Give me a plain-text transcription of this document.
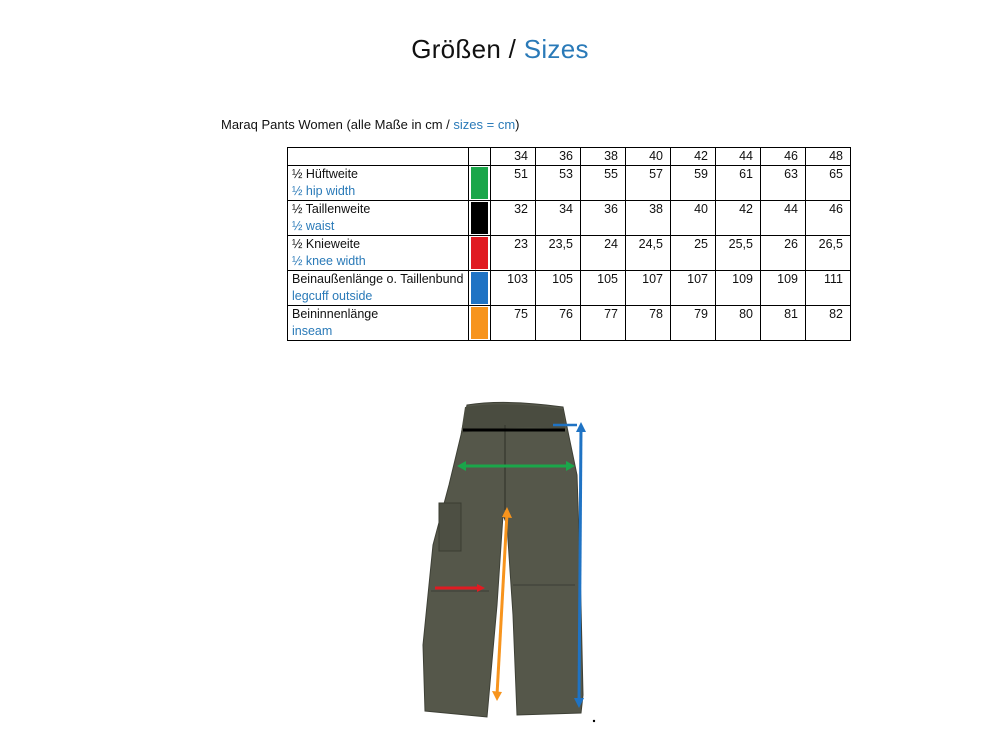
Größen / Sizes
Maraq Pants Women (alle Maße in cm / sizes = cm)
		34	36	38	40	42	44	46	48

½ Hüftweite
½ hip width		51	53	55	57	59	61	63	65

½ Taillenweite
½ waist		32	34	36	38	40	42	44	46

½ Knieweite
½ knee width		23	23,5	24	24,5	25	25,5	26	26,5

Beinaußenlänge o. Taillenbund
legcuff outside		103	105	105	107	107	109	109	111

Beininnenlänge
inseam		75	76	77	78	79	80	81	82
